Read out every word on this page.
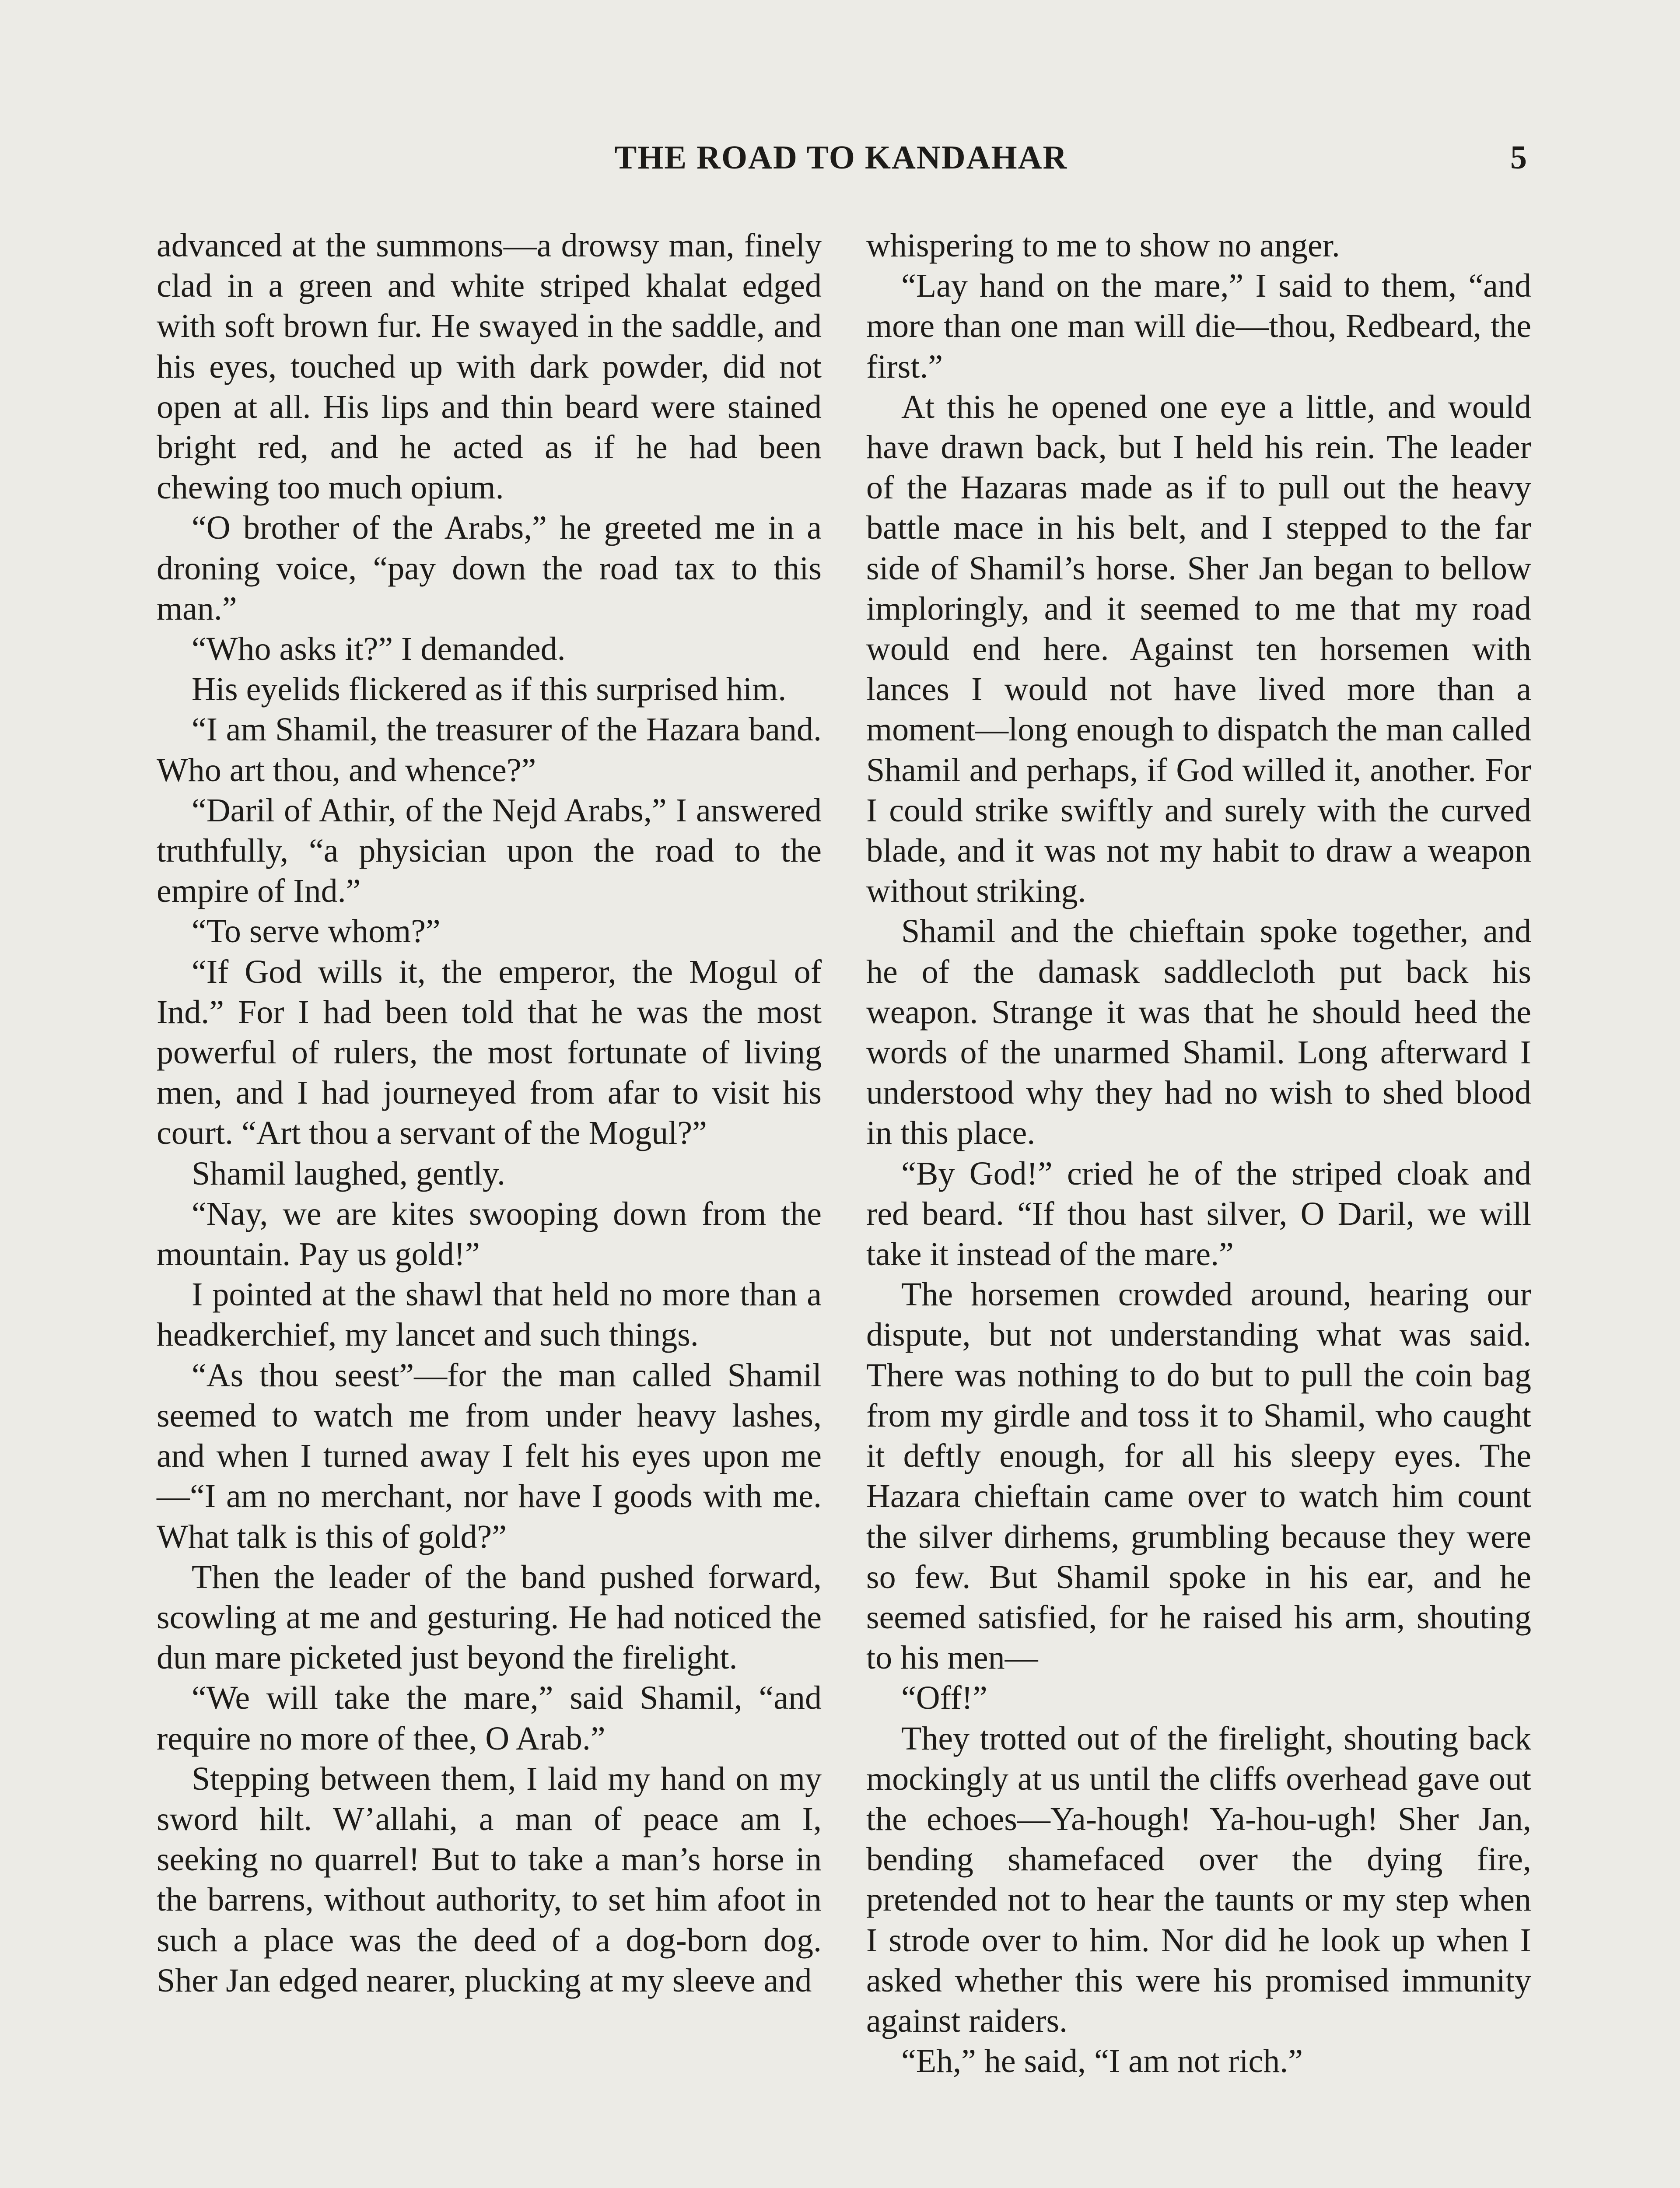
THE ROAD TO KANDAHAR	5

advanced at the summons—a drowsy man, finely clad in a green and white striped khalat edged with soft brown fur. He swayed in the saddle, and his eyes, touched up with dark powder, did not open at all. His lips and thin beard were stained bright red, and he acted as if he had been chewing too much opium.

“O brother of the Arabs,” he greeted me in a droning voice, “pay down the road tax to this man.”

“Who asks it?” I demanded.

His eyelids flickered as if this surprised him.

“I am Shamil, the treasurer of the Hazara band. Who art thou, and whence?”

“Daril of Athir, of the Nejd Arabs,” I answered truthfully, “a physician upon the road to the empire of Ind.”

“To serve whom?”

“If God wills it, the emperor, the Mogul of Ind.” For I had been told that he was the most powerful of rulers, the most fortunate of living men, and I had journeyed from afar to visit his court. “Art thou a servant of the Mogul?”

Shamil laughed, gently.

“Nay, we are kites swooping down from the mountain. Pay us gold!”

I pointed at the shawl that held no more than a headkerchief, my lancet and such things.

“As thou seest”—for the man called Shamil seemed to watch me from under heavy lashes, and when I turned away I felt his eyes upon me—“I am no merchant, nor have I goods with me. What talk is this of gold?”

Then the leader of the band pushed forward, scowling at me and gesturing. He had noticed the dun mare picketed just beyond the firelight.

“We will take the mare,” said Shamil, “and require no more of thee, O Arab.”

Stepping between them, I laid my hand on my sword hilt. W’allahi, a man of peace am I, seeking no quarrel! But to take a man’s horse in the barrens, without authority, to set him afoot in such a place was the deed of a dog-born dog. Sher Jan edged nearer, plucking at my sleeve and

whispering to me to show no anger.

“Lay hand on the mare,” I said to them, “and more than one man will die—thou, Redbeard, the first.”

At this he opened one eye a little, and would have drawn back, but I held his rein. The leader of the Hazaras made as if to pull out the heavy battle mace in his belt, and I stepped to the far side of Shamil’s horse. Sher Jan began to bellow imploringly, and it seemed to me that my road would end here. Against ten horsemen with lances I would not have lived more than a moment—long enough to dispatch the man called Shamil and perhaps, if God willed it, another. For I could strike swiftly and surely with the curved blade, and it was not my habit to draw a weapon without striking.

Shamil and the chieftain spoke together, and he of the damask saddlecloth put back his weapon. Strange it was that he should heed the words of the unarmed Shamil. Long afterward I understood why they had no wish to shed blood in this place.

“By God!” cried he of the striped cloak and red beard. “If thou hast silver, O Daril, we will take it instead of the mare.”

The horsemen crowded around, hearing our dispute, but not understanding what was said. There was nothing to do but to pull the coin bag from my girdle and toss it to Shamil, who caught it deftly enough, for all his sleepy eyes. The Hazara chieftain came over to watch him count the silver dirhems, grumbling because they were so few. But Shamil spoke in his ear, and he seemed satisfied, for he raised his arm, shouting to his men—

“Off!”

They trotted out of the firelight, shouting back mockingly at us until the cliffs overhead gave out the echoes—Ya-hough! Ya-hou-ugh! Sher Jan, bending shamefaced over the dying fire, pretended not to hear the taunts or my step when I strode over to him. Nor did he look up when I asked whether this were his promised immunity against raiders.

“Eh,” he said, “I am not rich.”
